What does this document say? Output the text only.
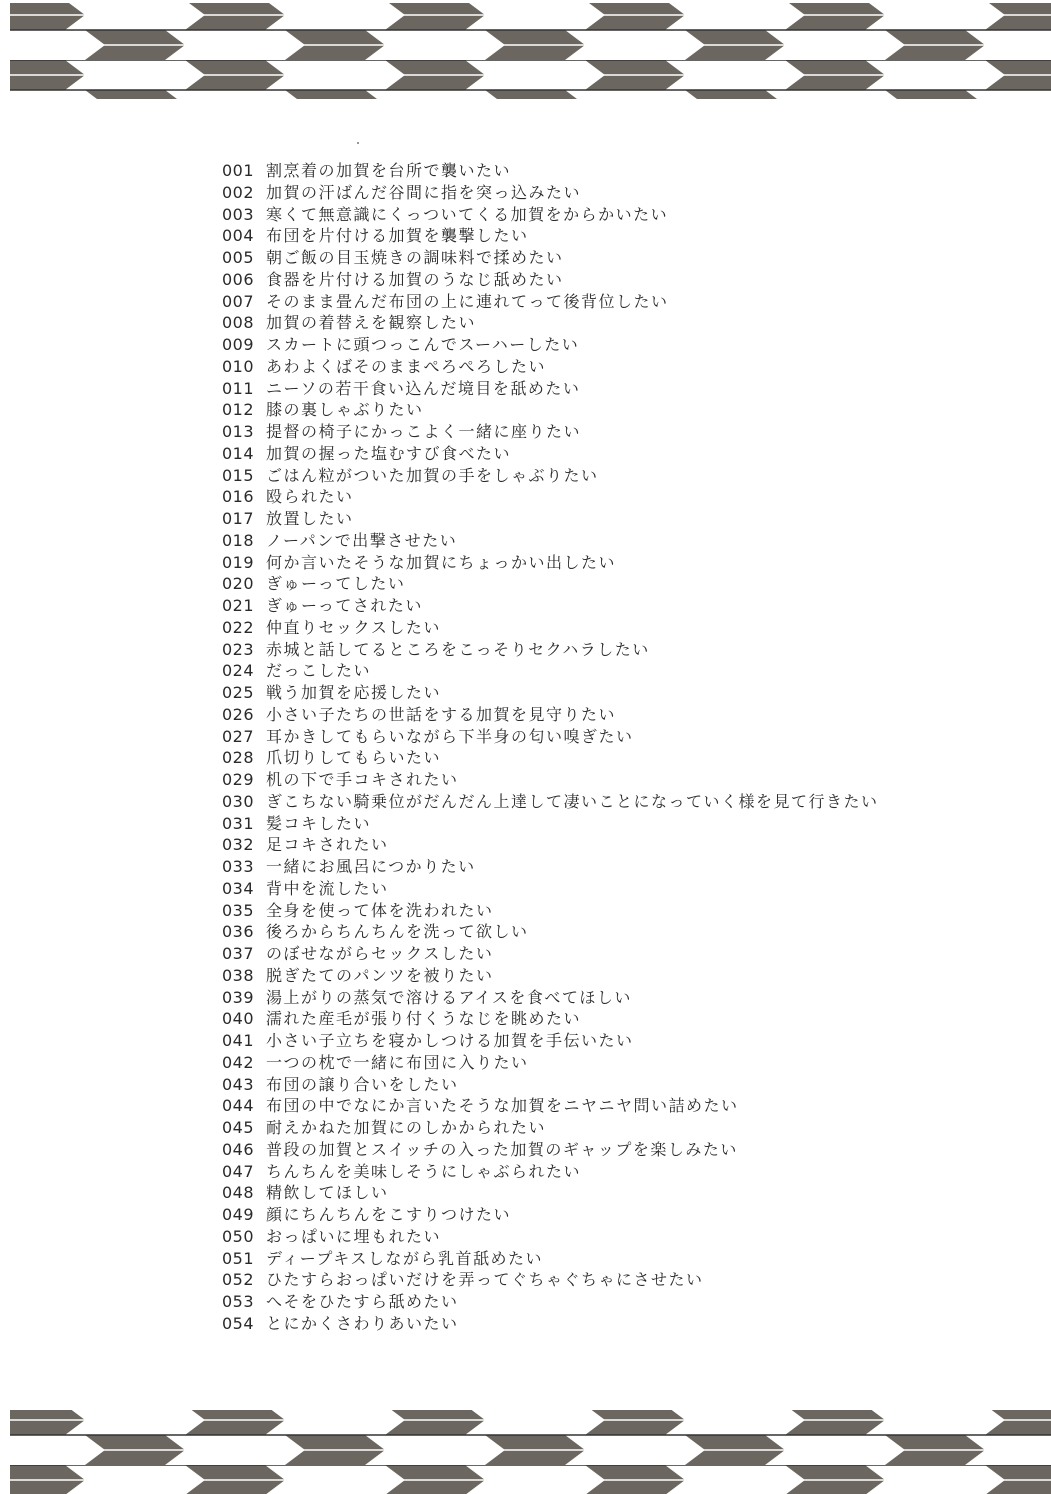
001 割烹着の加賀を台所で襲いたい
002 加賀の汗ばんだ谷間に指を突っ込みたい
003 寒くて無意識にくっついてくる加賀をからかいたい
004 布団を片付ける加賀を襲撃したい
005 朝ご飯の目玉焼きの調味料で揉めたい
006 食器を片付ける加賀のうなじ舐めたい
007 そのまま畳んだ布団の上に連れてって後背位したい
008 加賀の着替えを観察したい
009 スカートに頭つっこんでスーハーしたい
010 あわよくばそのままぺろぺろしたい
011 ニーソの若干食い込んだ境目を舐めたい
012 膝の裏しゃぶりたい
013 提督の椅子にかっこよく一緒に座りたい
014 加賀の握った塩むすび食べたい
015 ごはん粒がついた加賀の手をしゃぶりたい
016 殴られたい
017 放置したい
018 ノーパンで出撃させたい
019 何か言いたそうな加賀にちょっかい出したい
020 ぎゅーってしたい
021 ぎゅーってされたい
022 仲直りセックスしたい
023 赤城と話してるところをこっそりセクハラしたい
024 だっこしたい
025 戦う加賀を応援したい
026 小さい子たちの世話をする加賀を見守りたい
027 耳かきしてもらいながら下半身の匂い嗅ぎたい
028 爪切りしてもらいたい
029 机の下で手コキされたい
030 ぎこちない騎乗位がだんだん上達して凄いことになっていく様を見て行きたい
031 髪コキしたい
032 足コキされたい
033 一緒にお風呂につかりたい
034 背中を流したい
035 全身を使って体を洗われたい
036 後ろからちんちんを洗って欲しい
037 のぼせながらセックスしたい
038 脱ぎたてのパンツを被りたい
039 湯上がりの蒸気で溶けるアイスを食べてほしい
040 濡れた産毛が張り付くうなじを眺めたい
041 小さい子立ちを寝かしつける加賀を手伝いたい
042 一つの枕で一緒に布団に入りたい
043 布団の譲り合いをしたい
044 布団の中でなにか言いたそうな加賀をニヤニヤ問い詰めたい
045 耐えかねた加賀にのしかかられたい
046 普段の加賀とスイッチの入った加賀のギャップを楽しみたい
047 ちんちんを美味しそうにしゃぶられたい
048 精飲してほしい
049 顔にちんちんをこすりつけたい
050 おっぱいに埋もれたい
051 ディープキスしながら乳首舐めたい
052 ひたすらおっぱいだけを弄ってぐちゃぐちゃにさせたい
053 へそをひたすら舐めたい
054 とにかくさわりあいたい
